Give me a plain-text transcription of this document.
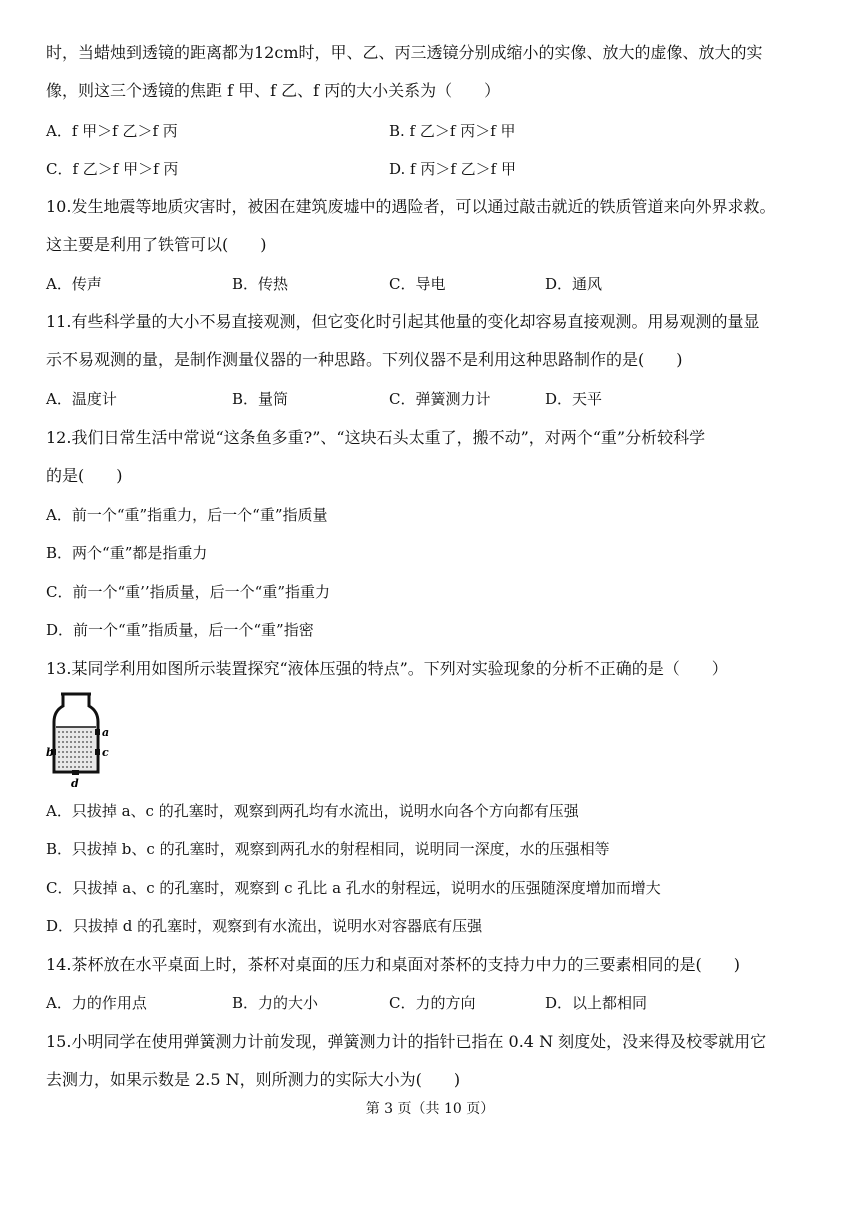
时，当蜡烛到透镜的距离都为12cm时，甲、乙、丙三透镜分别成缩小的实像、放大的虚像、放大的实
像，则这三个透镜的焦距 f 甲、f 乙、f 丙的大小关系为（　　）
A．f 甲＞f 乙＞f 丙	B. f 乙＞f 丙＞f 甲
C．f 乙＞f 甲＞f 丙	D. f 丙＞f 乙＞f 甲
10.发生地震等地质灾害时，被困在建筑废墟中的遇险者，可以通过敲击就近的铁质管道来向外界求救。
这主要是利用了铁管可以(　　)
A．传声	B．传热	C．导电	D．通风
11.有些科学量的大小不易直接观测，但它变化时引起其他量的变化却容易直接观测。用易观测的量显
示不易观测的量，是制作测量仪器的一种思路。下列仪器不是利用这种思路制作的是(　　)
A．温度计	B．量筒	C．弹簧测力计	D．天平
12.我们日常生活中常说“这条鱼多重?”、“这块石头太重了，搬不动”，对两个“重”分析较科学
的是(　　)
A．前一个“重”指重力，后一个“重”指质量
B．两个“重”都是指重力
C．前一个“重’’指质量，后一个“重”指重力
D．前一个“重”指质量，后一个“重”指密
13.某同学利用如图所示装置探究“液体压强的特点”。下列对实验现象的分析不正确的是（　　）
a
b	c
d
A．只拔掉 a、c 的孔塞时，观察到两孔均有水流出，说明水向各个方向都有压强
B．只拔掉 b、c 的孔塞时，观察到两孔水的射程相同，说明同一深度，水的压强相等
C．只拔掉 a、c 的孔塞时，观察到 c 孔比 a 孔水的射程远，说明水的压强随深度增加而增大
D．只拔掉 d 的孔塞时，观察到有水流出，说明水对容器底有压强
14.茶杯放在水平桌面上时，茶杯对桌面的压力和桌面对茶杯的支持力中力的三要素相同的是(　　)
A．力的作用点	B．力的大小	C．力的方向	D．以上都相同
15.小明同学在使用弹簧测力计前发现，弹簧测力计的指针已指在 0.4 N 刻度处，没来得及校零就用它
去测力，如果示数是 2.5 N，则所测力的实际大小为(　　)
第 3 页（共 10 页）
